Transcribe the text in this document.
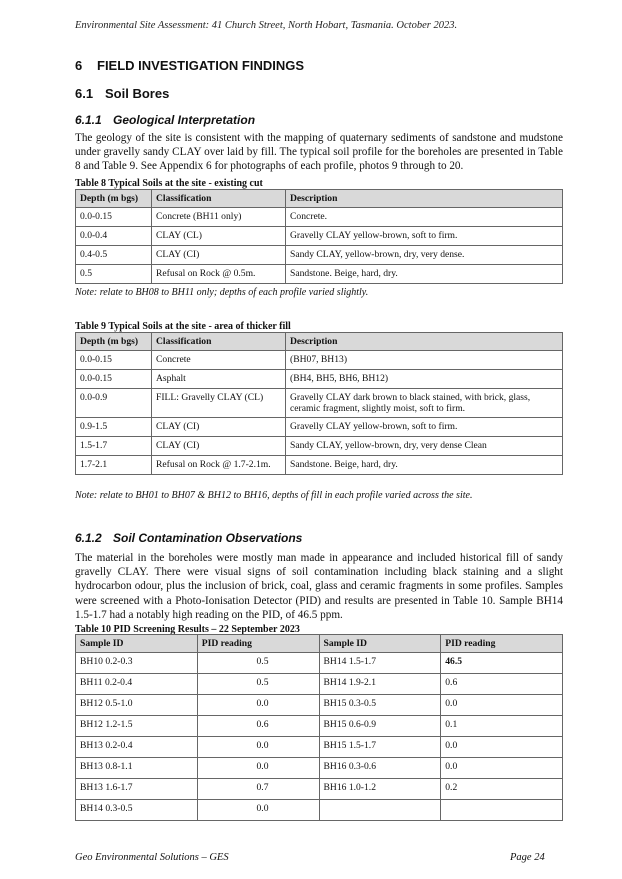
Environmental Site Assessment: 41 Church Street, North Hobart, Tasmania. October 2023.
6 FIELD INVESTIGATION FINDINGS
6.1 Soil Bores
6.1.1 Geological Interpretation
The geology of the site is consistent with the mapping of quaternary sediments of sandstone and mudstone under gravelly sandy CLAY over laid by fill. The typical soil profile for the boreholes are presented in Table 8 and Table 9. See Appendix 6 for photographs of each profile, photos 9 through to 20.
Table 8 Typical Soils at the site - existing cut
Depth (m bgs)	Classification	Description
0.0-0.15	Concrete (BH11 only)	Concrete.
0.0-0.4	CLAY (CL)	Gravelly CLAY yellow-brown, soft to firm.
0.4-0.5	CLAY (CI)	Sandy CLAY, yellow-brown, dry, very dense.
0.5	Refusal on Rock @ 0.5m.	Sandstone. Beige, hard, dry.
Note: relate to BH08 to BH11 only; depths of each profile varied slightly.
Table 9 Typical Soils at the site - area of thicker fill
Depth (m bgs)	Classification	Description
0.0-0.15	Concrete	(BH07, BH13)
0.0-0.15	Asphalt	(BH4, BH5, BH6, BH12)
0.0-0.9	FILL: Gravelly CLAY (CL)	Gravelly CLAY dark brown to black stained, with brick, glass, ceramic fragment, slightly moist, soft to firm.
0.9-1.5	CLAY (CI)	Gravelly CLAY yellow-brown, soft to firm.
1.5-1.7	CLAY (CI)	Sandy CLAY, yellow-brown, dry, very dense Clean
1.7-2.1	Refusal on Rock @ 1.7-2.1m.	Sandstone. Beige, hard, dry.
Note: relate to BH01 to BH07 & BH12 to BH16, depths of fill in each profile varied across the site.
6.1.2 Soil Contamination Observations
The material in the boreholes were mostly man made in appearance and included historical fill of sandy gravelly CLAY. There were visual signs of soil contamination including black staining and a slight hydrocarbon odour, plus the inclusion of brick, coal, glass and ceramic fragments in some profiles. Samples were screened with a Photo-Ionisation Detector (PID) and results are presented in Table 10. Sample BH14 1.5-1.7 had a notably high reading on the PID, of 46.5 ppm.
Table 10 PID Screening Results – 22 September 2023
Sample ID	PID reading	Sample ID	PID reading
BH10 0.2-0.3	0.5	BH14 1.5-1.7	46.5
BH11 0.2-0.4	0.5	BH14 1.9-2.1	0.6
BH12 0.5-1.0	0.0	BH15 0.3-0.5	0.0
BH12 1.2-1.5	0.6	BH15 0.6-0.9	0.1
BH13 0.2-0.4	0.0	BH15 1.5-1.7	0.0
BH13 0.8-1.1	0.0	BH16 0.3-0.6	0.0
BH13 1.6-1.7	0.7	BH16 1.0-1.2	0.2
BH14 0.3-0.5	0.0		
Geo Environmental Solutions – GES	Page 24
